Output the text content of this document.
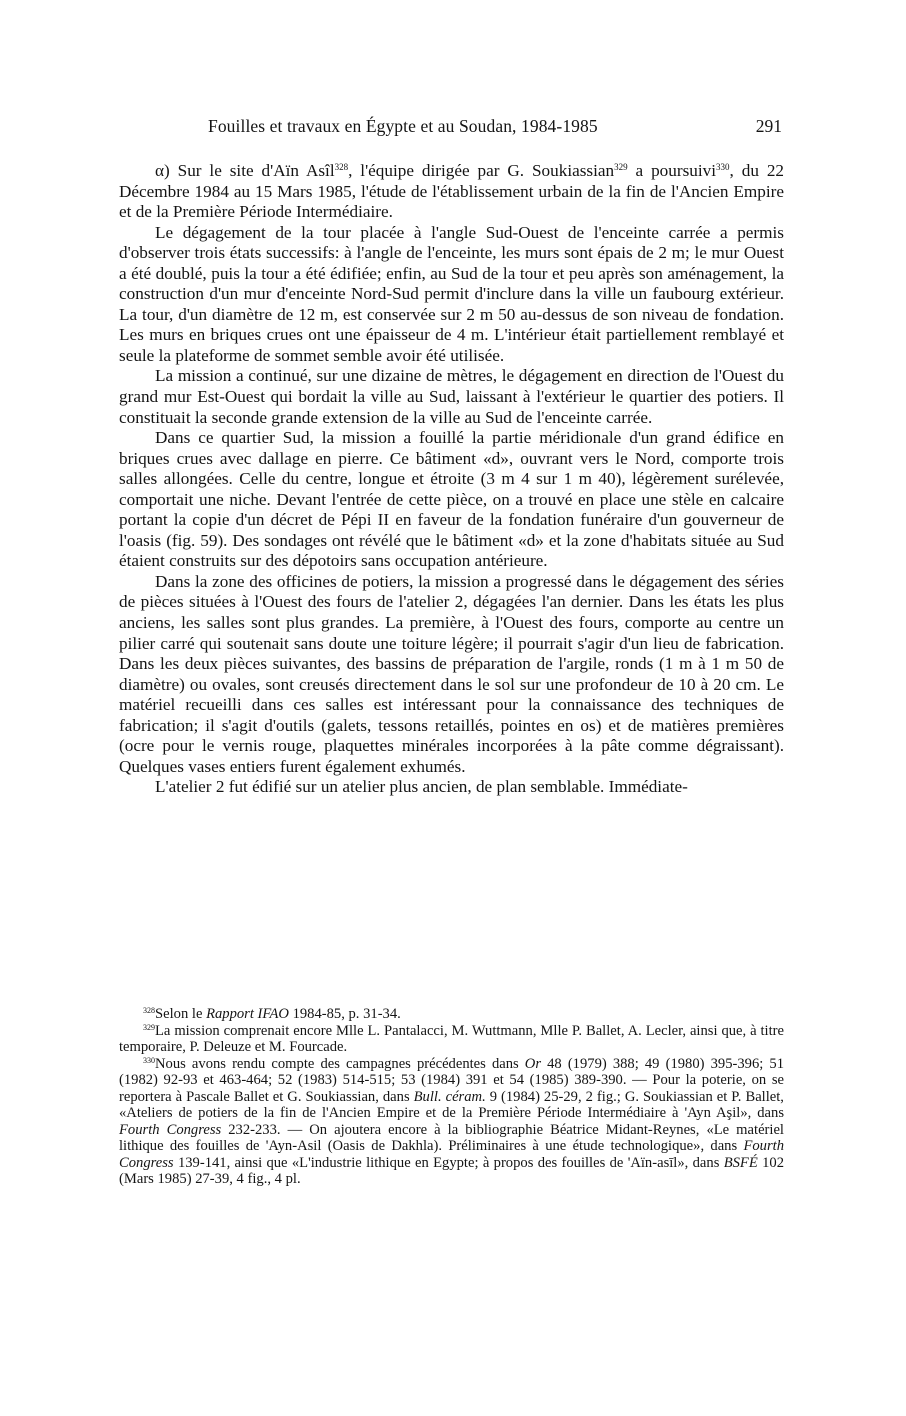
Fouilles et travaux en Égypte et au Soudan, 1984-1985	291

α) Sur le site d'Aïn Asîl$^{328}$, l'équipe dirigée par G. Soukiassian$^{329}$ a poursuivi$^{330}$, du 22 Décembre 1984 au 15 Mars 1985, l'étude de l'établissement urbain de la fin de l'Ancien Empire et de la Première Période Intermédiaire.

Le dégagement de la tour placée à l'angle Sud-Ouest de l'enceinte carrée a permis d'observer trois états successifs: à l'angle de l'enceinte, les murs sont épais de 2 m; le mur Ouest a été doublé, puis la tour a été édifiée; enfin, au Sud de la tour et peu après son aménagement, la construction d'un mur d'enceinte Nord-Sud permit d'inclure dans la ville un faubourg extérieur. La tour, d'un diamètre de 12 m, est conservée sur 2 m 50 au-dessus de son niveau de fondation. Les murs en briques crues ont une épaisseur de 4 m. L'intérieur était partiellement remblayé et seule la plateforme de sommet semble avoir été utilisée.

La mission a continué, sur une dizaine de mètres, le dégagement en direction de l'Ouest du grand mur Est-Ouest qui bordait la ville au Sud, laissant à l'extérieur le quartier des potiers. Il constituait la seconde grande extension de la ville au Sud de l'enceinte carrée.

Dans ce quartier Sud, la mission a fouillé la partie méridionale d'un grand édifice en briques crues avec dallage en pierre. Ce bâtiment «d», ouvrant vers le Nord, comporte trois salles allongées. Celle du centre, longue et étroite (3 m 4 sur 1 m 40), légèrement surélevée, comportait une niche. Devant l'entrée de cette pièce, on a trouvé en place une stèle en calcaire portant la copie d'un décret de Pépi II en faveur de la fondation funéraire d'un gouverneur de l'oasis (fig. 59). Des sondages ont révélé que le bâtiment «d» et la zone d'habitats située au Sud étaient construits sur des dépotoirs sans occupation antérieure.

Dans la zone des officines de potiers, la mission a progressé dans le dégagement des séries de pièces situées à l'Ouest des fours de l'atelier 2, dégagées l'an dernier. Dans les états les plus anciens, les salles sont plus grandes. La première, à l'Ouest des fours, comporte au centre un pilier carré qui soutenait sans doute une toiture légère; il pourrait s'agir d'un lieu de fabrication. Dans les deux pièces suivantes, des bassins de préparation de l'argile, ronds (1 m à 1 m 50 de diamètre) ou ovales, sont creusés directement dans le sol sur une profondeur de 10 à 20 cm. Le matériel recueilli dans ces salles est intéressant pour la connaissance des techniques de fabrication; il s'agit d'outils (galets, tessons retaillés, pointes en os) et de matières premières (ocre pour le vernis rouge, plaquettes minérales incorporées à la pâte comme dégraissant). Quelques vases entiers furent également exhumés.

L'atelier 2 fut édifié sur un atelier plus ancien, de plan semblable. Immédiate-

$^{328}$Selon le Rapport IFAO 1984-85, p. 31-34.

$^{329}$La mission comprenait encore Mlle L. Pantalacci, M. Wuttmann, Mlle P. Ballet, A. Lecler, ainsi que, à titre temporaire, P. Deleuze et M. Fourcade.

$^{330}$Nous avons rendu compte des campagnes précédentes dans Or 48 (1979) 388; 49 (1980) 395-396; 51 (1982) 92-93 et 463-464; 52 (1983) 514-515; 53 (1984) 391 et 54 (1985) 389-390. — Pour la poterie, on se reportera à Pascale Ballet et G. Soukiassian, dans Bull. céram. 9 (1984) 25-29, 2 fig.; G. Soukiassian et P. Ballet, «Ateliers de potiers de la fin de l'Ancien Empire et de la Première Période Intermédiaire à 'Ayn Aşil», dans Fourth Congress 232-233. — On ajoutera encore à la bibliographie Béatrice Midant-Reynes, «Le matériel lithique des fouilles de 'Ayn-Asil (Oasis de Dakhla). Préliminaires à une étude technologique», dans Fourth Congress 139-141, ainsi que «L'industrie lithique en Egypte; à propos des fouilles de 'Aïn-asīl», dans BSFÉ 102 (Mars 1985) 27-39, 4 fig., 4 pl.
